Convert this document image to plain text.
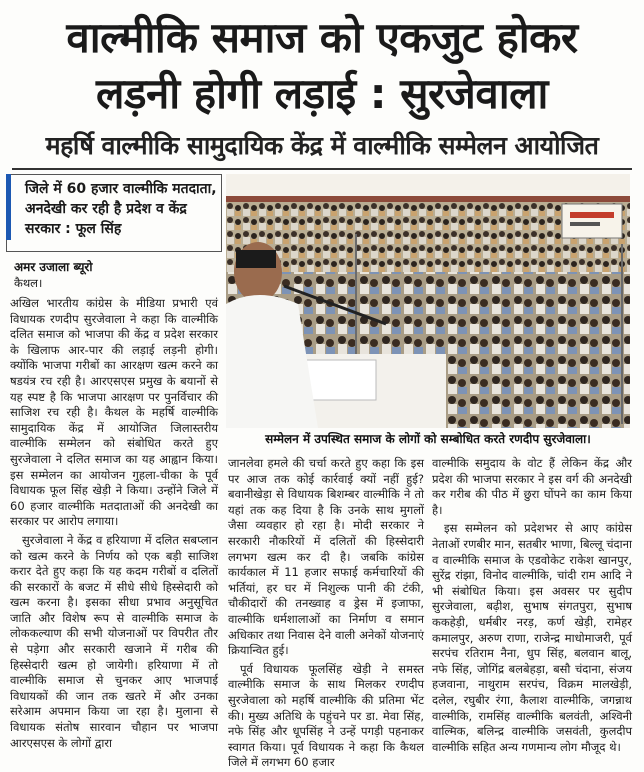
वाल्मीकि समाज को एकजुट होकर
लड़नी होगी लड़ाई : सुरजेवाला
महर्षि वाल्मीकि सामुदायिक केंद्र में वाल्मीकि सम्मेलन आयोजित
जिले में 60 हजार वाल्मीकि मतदाता, अनदेखी कर रही है प्रदेश व केंद्र सरकार : फूल सिंह
अमर उजाला ब्यूरो
कैथल।
सम्मेलन में उपस्थित समाज के लोगों को सम्बोधित करते रणदीप सुरजेवाला।

अखिल भारतीय कांग्रेस के मीडिया प्रभारी एवं विधायक रणदीप सुरजेवाला ने कहा कि वाल्मीकि दलित समाज को भाजपा की केंद्र व प्रदेश सरकार के खिलाफ आर-पार की लड़ाई लड़नी होगी। क्योंकि भाजपा गरीबों का आरक्षण खत्म करने का षडयंत्र रच रही है। आरएसएस प्रमुख के बयानों से यह स्पष्ट है कि भाजपा आरक्षण पर पुनर्विचार की साजिश रच रही है। कैथल के महर्षि वाल्मीकि सामुदायिक केंद्र में आयोजित जिलास्तरीय वाल्मीकि सम्मेलन को संबोधित करते हुए सुरजेवाला ने दलित समाज का यह आह्वान किया। इस सम्मेलन का आयोजन गुहला-चीका के पूर्व विधायक फूल सिंह खेड़ी ने किया। उन्होंने जिले में 60 हजार वाल्मीकि मतदाताओं की अनदेखी का सरकार पर आरोप लगाया।

सुरजेवाला ने केंद्र व हरियाणा में दलित सबप्लान को खत्म करने के निर्णय को एक बड़ी साजिश करार देते हुए कहा कि यह कदम गरीबों व दलितों की सरकारों के बजट में सीधे सीधे हिस्सेदारी को खत्म करना है। इसका सीधा प्रभाव अनुसूचित जाति और विशेष रूप से वाल्मीकि समाज के लोककल्याण की सभी योजनाओं पर विपरीत तौर से पड़ेगा और सरकारी खजाने में गरीब की हिस्सेदारी खत्म हो जायेगी। हरियाणा में तो वाल्मीकि समाज से चुनकर आए भाजपाई विधायकों की जान तक खतरे में और उनका सरेआम अपमान किया जा रहा है। मुलाना से विधायक संतोष सारवान चौहान पर भाजपा आरएसएस के लोगों द्वारा

जानलेवा हमले की चर्चा करते हुए कहा कि इस पर आज तक कोई कार्रवाई क्यों नहीं हुई? बवानीखेड़ा से विधायक बिशम्बर वाल्मीकि ने तो यहां तक कह दिया है कि उनके साथ मुगलों जैसा व्यवहार हो रहा है। मोदी सरकार ने सरकारी नौकरियों में दलितों की हिस्सेदारी लगभग खत्म कर दी है। जबकि कांग्रेस कार्यकाल में 11 हजार सफाई कर्मचारियों की भर्तियां, हर घर में निशुल्क पानी की टंकी, चौकीदारों की तनख्वाह व ड्रेस में इजाफा, वाल्मीकि धर्मशालाओं का निर्माण व समान अधिकार तथा निवास देने वाली अनेकों योजनाएं क्रियान्वित हुई।

पूर्व विधायक फूलसिंह खेड़ी ने समस्त वाल्मीकि समाज के साथ मिलकर रणदीप सुरजेवाला को महर्षि वाल्मीकि की प्रतिमा भेंट की। मुख्य अतिथि के पहुंचने पर डा. मेवा सिंह, नफे सिंह और धूपसिंह ने उन्हें पगड़ी पहनाकर स्वागत किया। पूर्व विधायक ने कहा कि कैथल जिले में लगभग 60 हजार

वाल्मीकि समुदाय के वोट हैं लेकिन केंद्र और प्रदेश की भाजपा सरकार ने इस वर्ग की अनदेखी कर गरीब की पीठ में छुरा घोंपने का काम किया है।

इस सम्मेलन को प्रदेशभर से आए कांग्रेस नेताओं रणबीर मान, सतबीर भाणा, बिल्लू चंदाना व वाल्मीकि समाज के एडवोकेट राकेश खानपुर, सुरेंद्र रांझा, विनोद वाल्मीकि, चांदी राम आदि ने भी संबोधित किया। इस अवसर पर सुदीप सुरजेवाला, बढ़ीश, सुभाष संगतपुरा, सुभाष ककहेड़ी, धर्मबीर नरड़, कर्ण खेड़ी, रामेहर कमालपुर, अरुण राणा, राजेन्द्र माधोमाजरी, पूर्व सरपंच रतिराम नैना, धुप सिंह, बलवान बालू, नफे सिंह, जोगिंद्र बलबेहड़ा, बसौ चंदाना, संजय हजवाना, नाथुराम सरपंच, विक्रम मालखेड़ी, दलेल, रघुबीर रंगा, कैलाश वाल्मीकि, जगन्नाथ वाल्मीकि, रामसिंह वाल्मीकि बलवंती, अश्विनी वाल्मिक, बलिन्द्र वाल्मीकि जसवंती, कुलदीप वाल्मीकि सहित अन्य गणमान्य लोग मौजूद थे।
